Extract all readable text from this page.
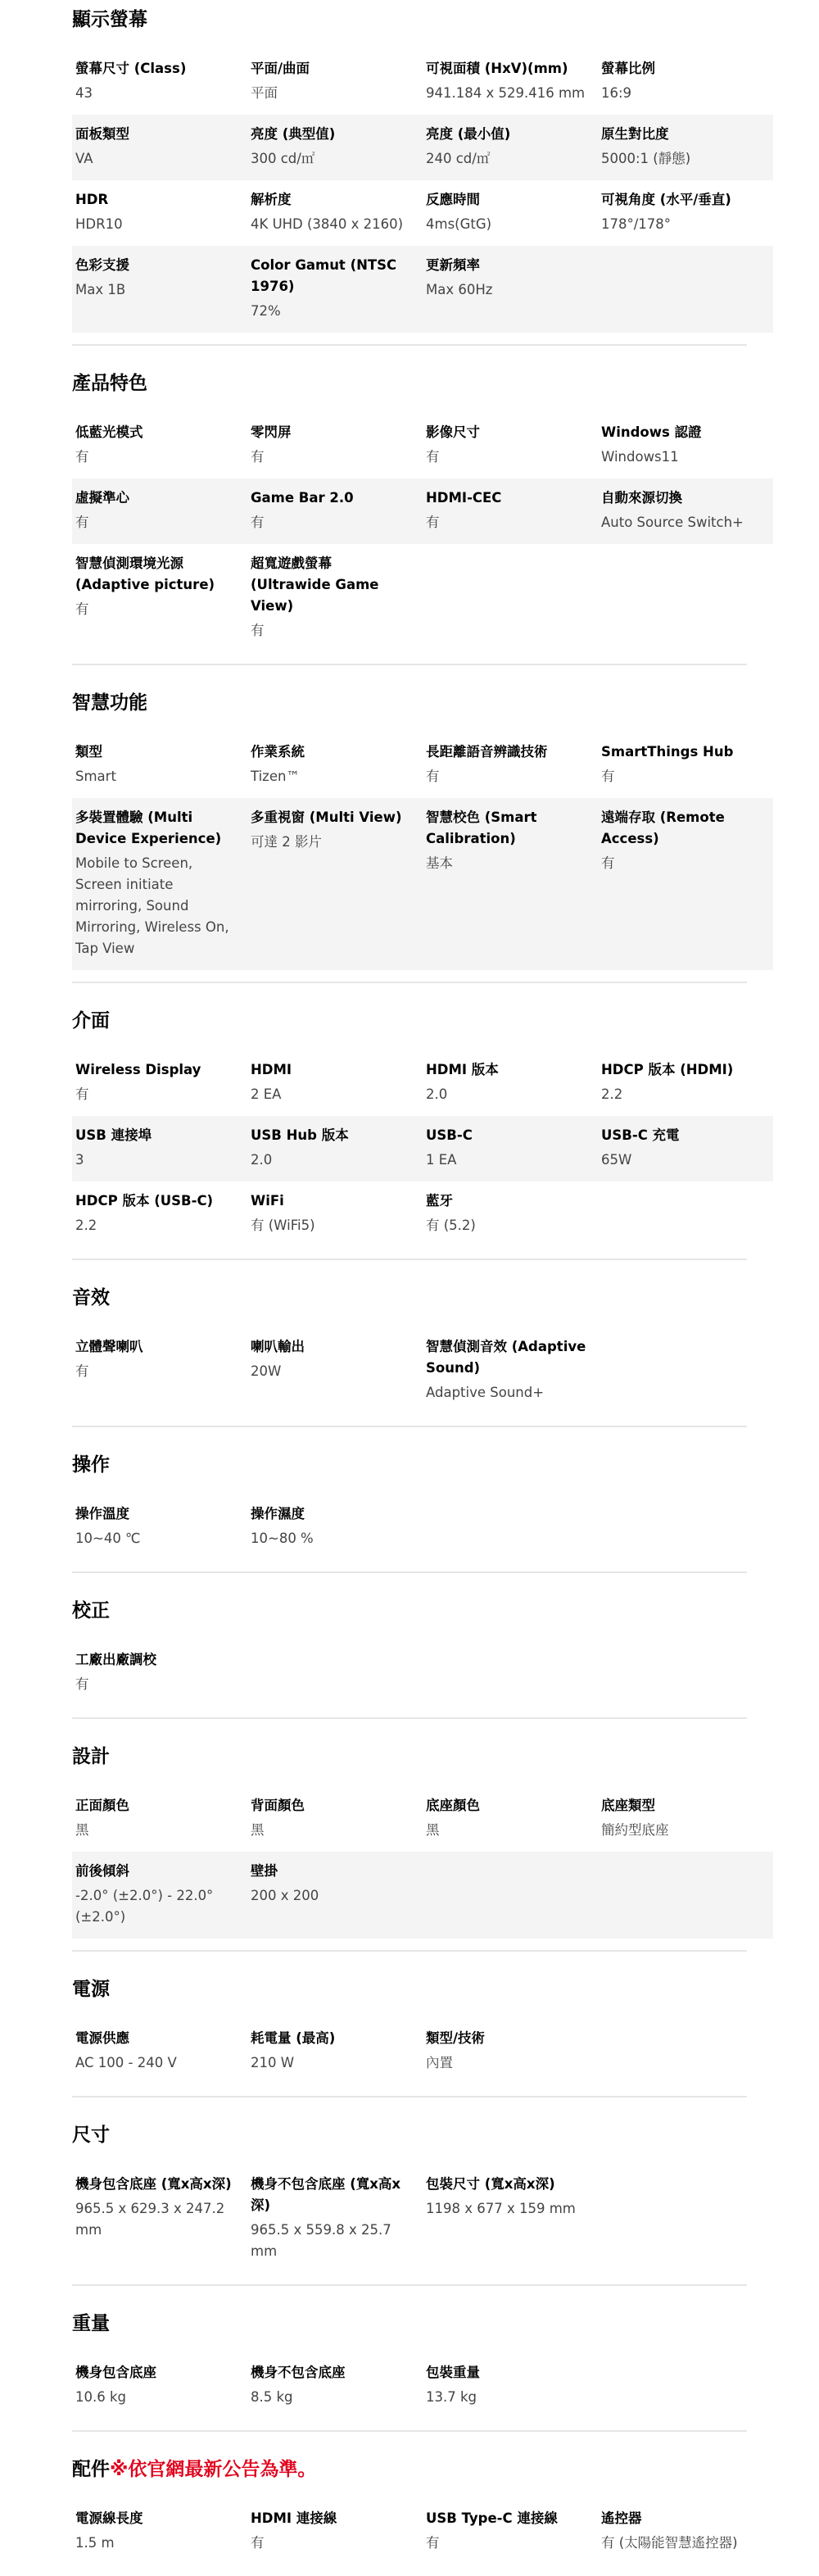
顯示螢幕
螢幕尺寸 (Class)
43
平面/曲面
平面
可視面積 (HxV)(mm)
941.184 x 529.416 mm
螢幕比例
16:9
面板類型
VA
亮度 (典型值)
300 cd/㎡
亮度 (最小值)
240 cd/㎡
原生對比度
5000:1 (靜態)
HDR
HDR10
解析度
4K UHD (3840 x 2160)
反應時間
4ms(GtG)
可視角度 (水平/垂直)
178°/178°
色彩支援
Max 1B
Color Gamut (NTSC 1976)
72%
更新頻率
Max 60Hz
產品特色
低藍光模式
有
零閃屏
有
影像尺寸
有
Windows 認證
Windows11
虛擬準心
有
Game Bar 2.0
有
HDMI-CEC
有
自動來源切換
Auto Source Switch+
智慧偵測環境光源 (Adaptive picture)
有
超寬遊戲螢幕 (Ultrawide Game View)
有
智慧功能
類型
Smart
作業系統
Tizen™
長距離語音辨識技術
有
SmartThings Hub
有
多裝置體驗 (Multi Device Experience)
Mobile to Screen, Screen initiate mirroring, Sound Mirroring, Wireless On, Tap View
多重視窗 (Multi View)
可達 2 影片
智慧校色 (Smart Calibration)
基本
遠端存取 (Remote Access)
有
介面
Wireless Display
有
HDMI
2 EA
HDMI 版本
2.0
HDCP 版本 (HDMI)
2.2
USB 連接埠
3
USB Hub 版本
2.0
USB-C
1 EA
USB-C 充電
65W
HDCP 版本 (USB-C)
2.2
WiFi
有 (WiFi5)
藍牙
有 (5.2)
音效
立體聲喇叭
有
喇叭輸出
20W
智慧偵測音效 (Adaptive Sound)
Adaptive Sound+
操作
操作溫度
10~40 ℃
操作濕度
10~80 %
校正
工廠出廠調校
有
設計
正面顏色
黑
背面顏色
黑
底座顏色
黑
底座類型
簡約型底座
前後傾斜
-2.0° (±2.0°) - 22.0° (±2.0°)
壁掛
200 x 200
電源
電源供應
AC 100 - 240 V
耗電量 (最高)
210 W
類型/技術
內置
尺寸
機身包含底座 (寬x高x深)
965.5 x 629.3 x 247.2 mm
機身不包含底座 (寬x高x深)
965.5 x 559.8 x 25.7 mm
包裝尺寸 (寬x高x深)
1198 x 677 x 159 mm
重量
機身包含底座
10.6 kg
機身不包含底座
8.5 kg
包裝重量
13.7 kg
配件※依官網最新公告為準。
電源線長度
1.5 m
HDMI 連接線
有
USB Type-C 連接線
有
遙控器
有 (太陽能智慧遙控器)
